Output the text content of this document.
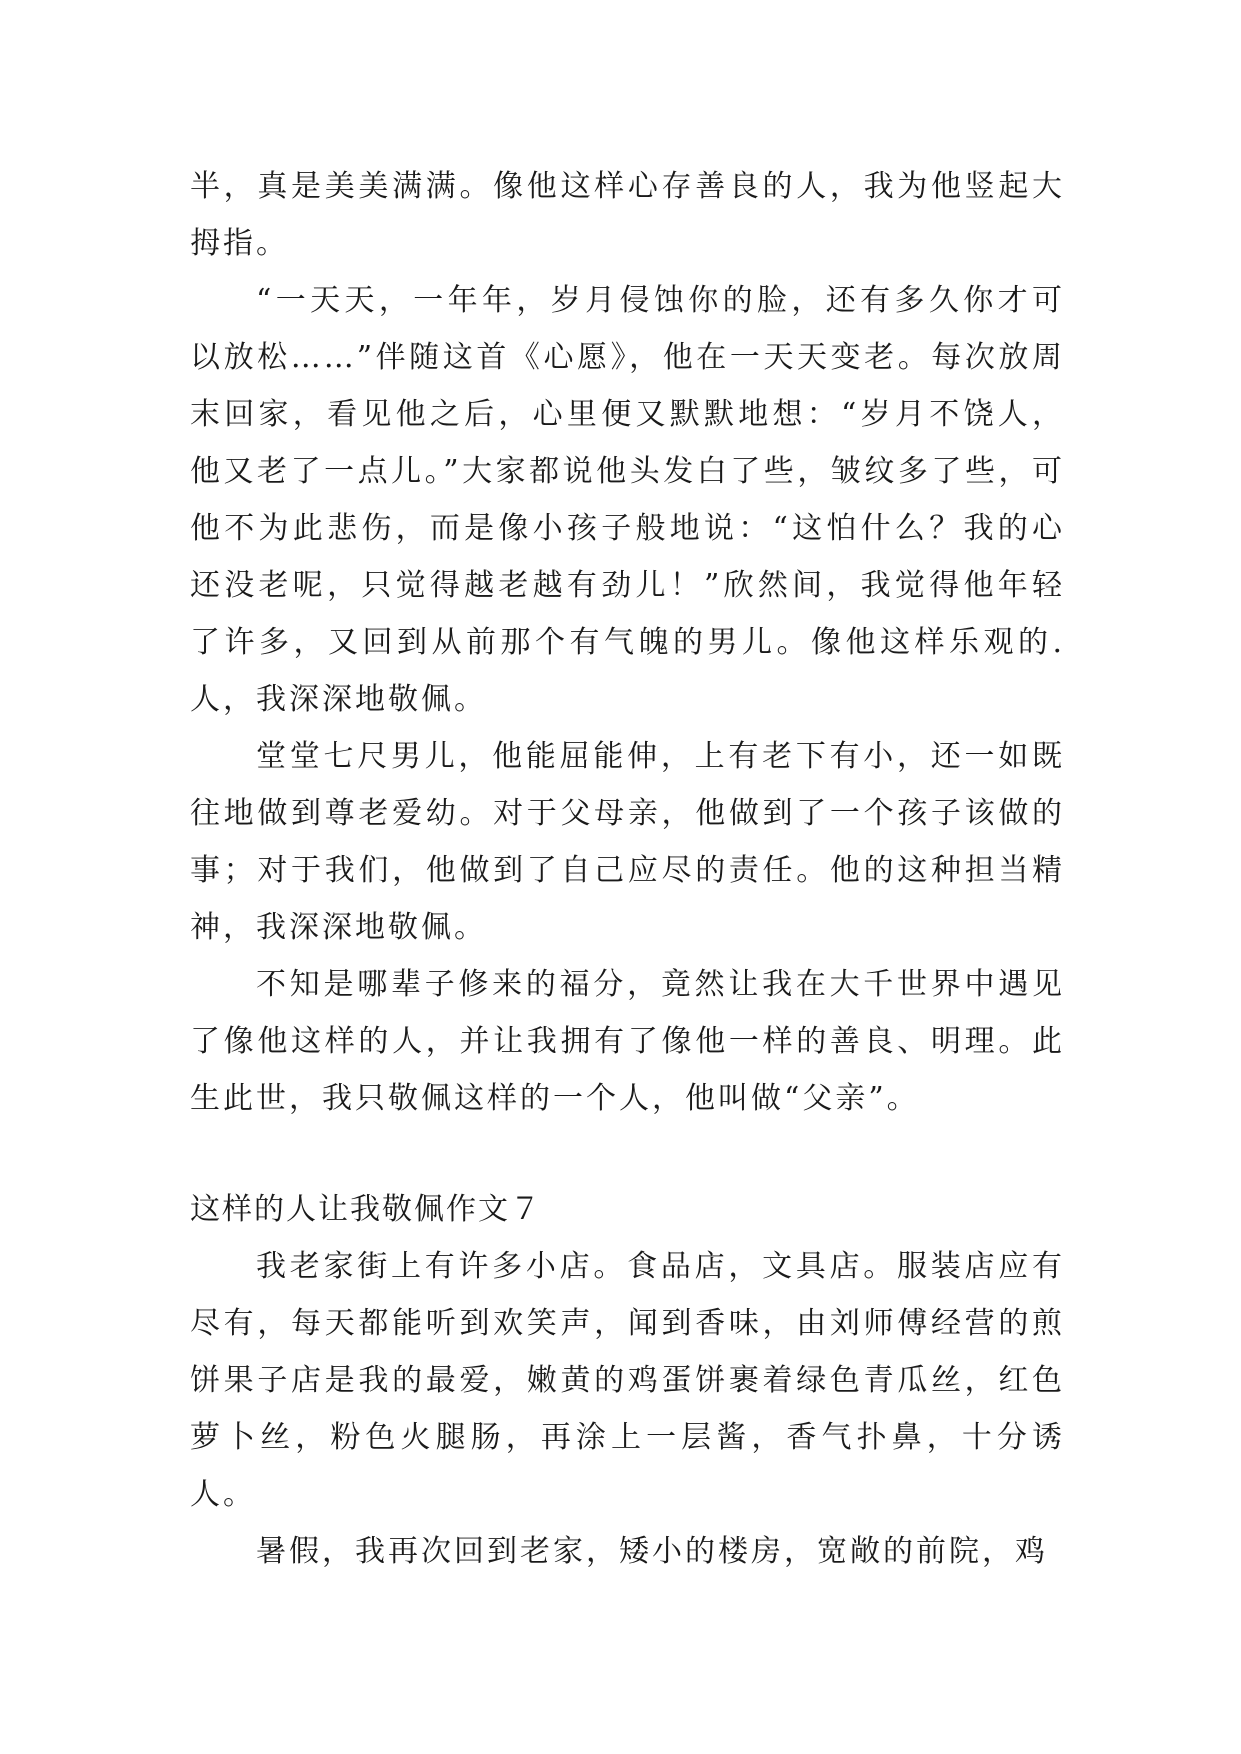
半，真是美美满满。像他这样心存善良的人，我为他竖起大拇指。

“一天天，一年年，岁月侵蚀你的脸，还有多久你才可以放松……”伴随这首《心愿》，他在一天天变老。每次放周末回家，看见他之后，心里便又默默地想：“岁月不饶人，他又老了一点儿。”大家都说他头发白了些，皱纹多了些，可他不为此悲伤，而是像小孩子般地说：“这怕什么？我的心还没老呢，只觉得越老越有劲儿！”欣然间，我觉得他年轻了许多，又回到从前那个有气魄的男儿。像他这样乐观的.人，我深深地敬佩。

堂堂七尺男儿，他能屈能伸，上有老下有小，还一如既往地做到尊老爱幼。对于父母亲，他做到了一个孩子该做的事；对于我们，他做到了自己应尽的责任。他的这种担当精神，我深深地敬佩。

不知是哪辈子修来的福分，竟然让我在大千世界中遇见了像他这样的人，并让我拥有了像他一样的善良、明理。此生此世，我只敬佩这样的一个人，他叫做“父亲”。

这样的人让我敬佩作文７

我老家街上有许多小店。食品店，文具店。服装店应有尽有，每天都能听到欢笑声，闻到香味，由刘师傅经营的煎饼果子店是我的最爱，嫩黄的鸡蛋饼裹着绿色青瓜丝，红色萝卜丝，粉色火腿肠，再涂上一层酱，香气扑鼻，十分诱人。

暑假，我再次回到老家，矮小的楼房，宽敞的前院，鸡
